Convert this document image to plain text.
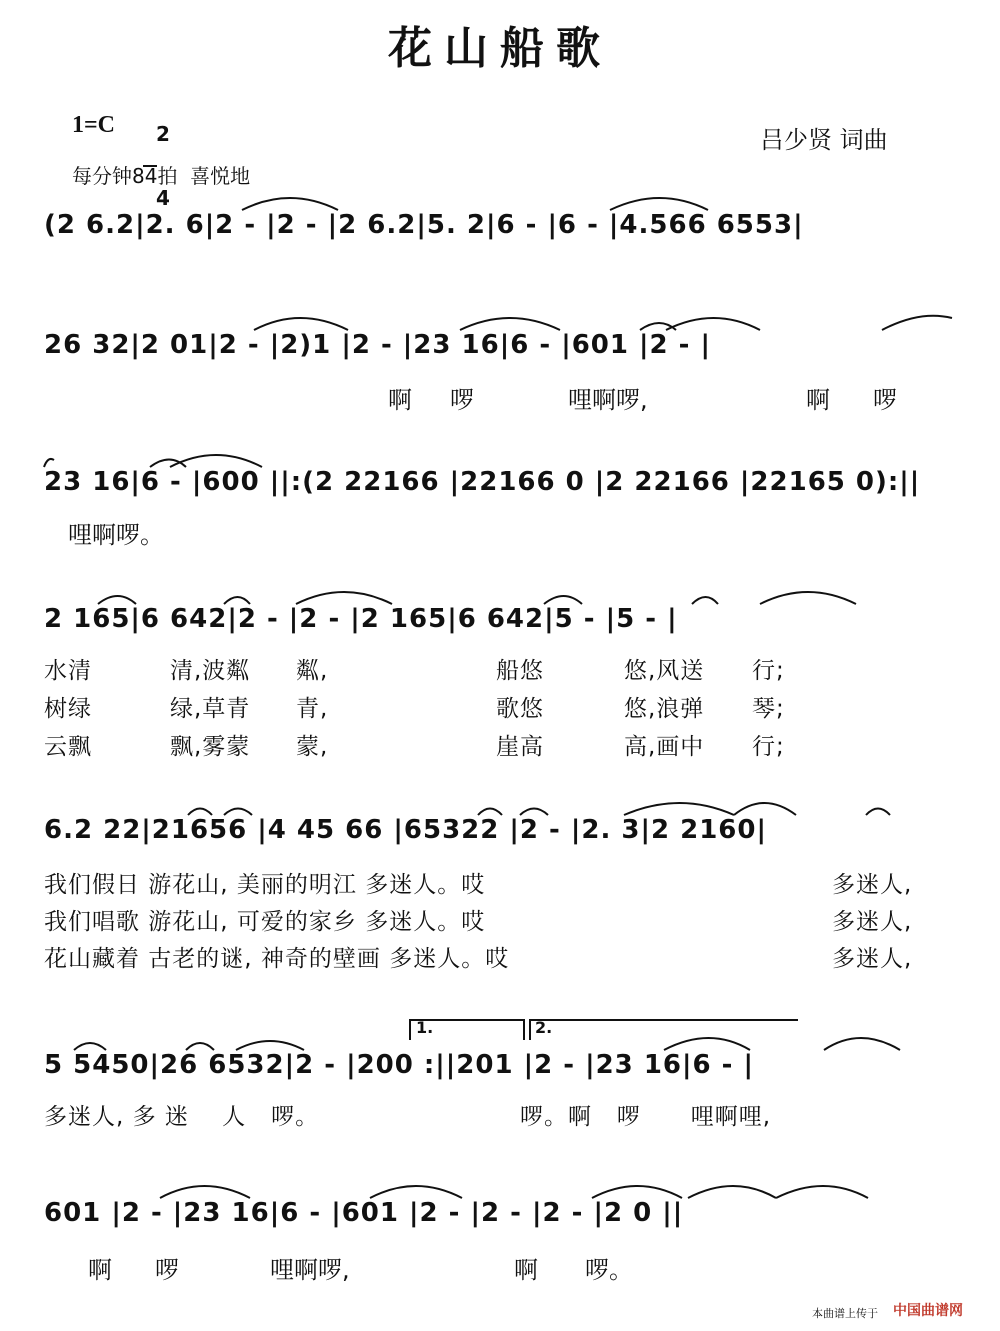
花山船歌
1=C	2

4

吕少贤 词曲
每分钟84拍  喜悦地
(2 6.2|2. 6|2 - |2 - |2 6.2|5. 2|6 - |6 - |4.566 6553|
26 32|2 01|2 - |2)1 |2 - |23 16|6 - |601 |2 - |
23 16|6 - |600 ||:(2 22166 |22166 0 |2 22166 |22165 0):||
2 165|6 642|2 - |2 - |2 165|6 642|5 - |5 - |
6.2 22|21656 |4 45 66 |65322 |2 - |2. 3|2 2160|
5 5450|26 6532|2 - |200 :||201 |2 - |23 16|6 - |
601 |2 - |23 16|6 - |601 |2 - |2 - |2 - |2 0 ||
啊 啰	哩啊啰,	啊 啰
哩啊啰。
水清	清,波粼 粼,	船悠	悠,风送 行;
树绿	绿,草青 青,	歌悠	悠,浪弹 琴;
云飘	飘,雾蒙 蒙,	崖高	高,画中 行;
我们假日 游花山, 美丽的明江 多迷人。哎	多迷人,
我们唱歌 游花山, 可爱的家乡 多迷人。哎	多迷人,
花山藏着 古老的谜, 神奇的壁画 多迷人。哎	多迷人,
1.	2.
多迷人, 多 迷    人   啰。	啰。啊   啰      哩啊哩,
啊 啰	哩啊啰,	啊 啰。
本曲谱上传于 中国曲谱网
